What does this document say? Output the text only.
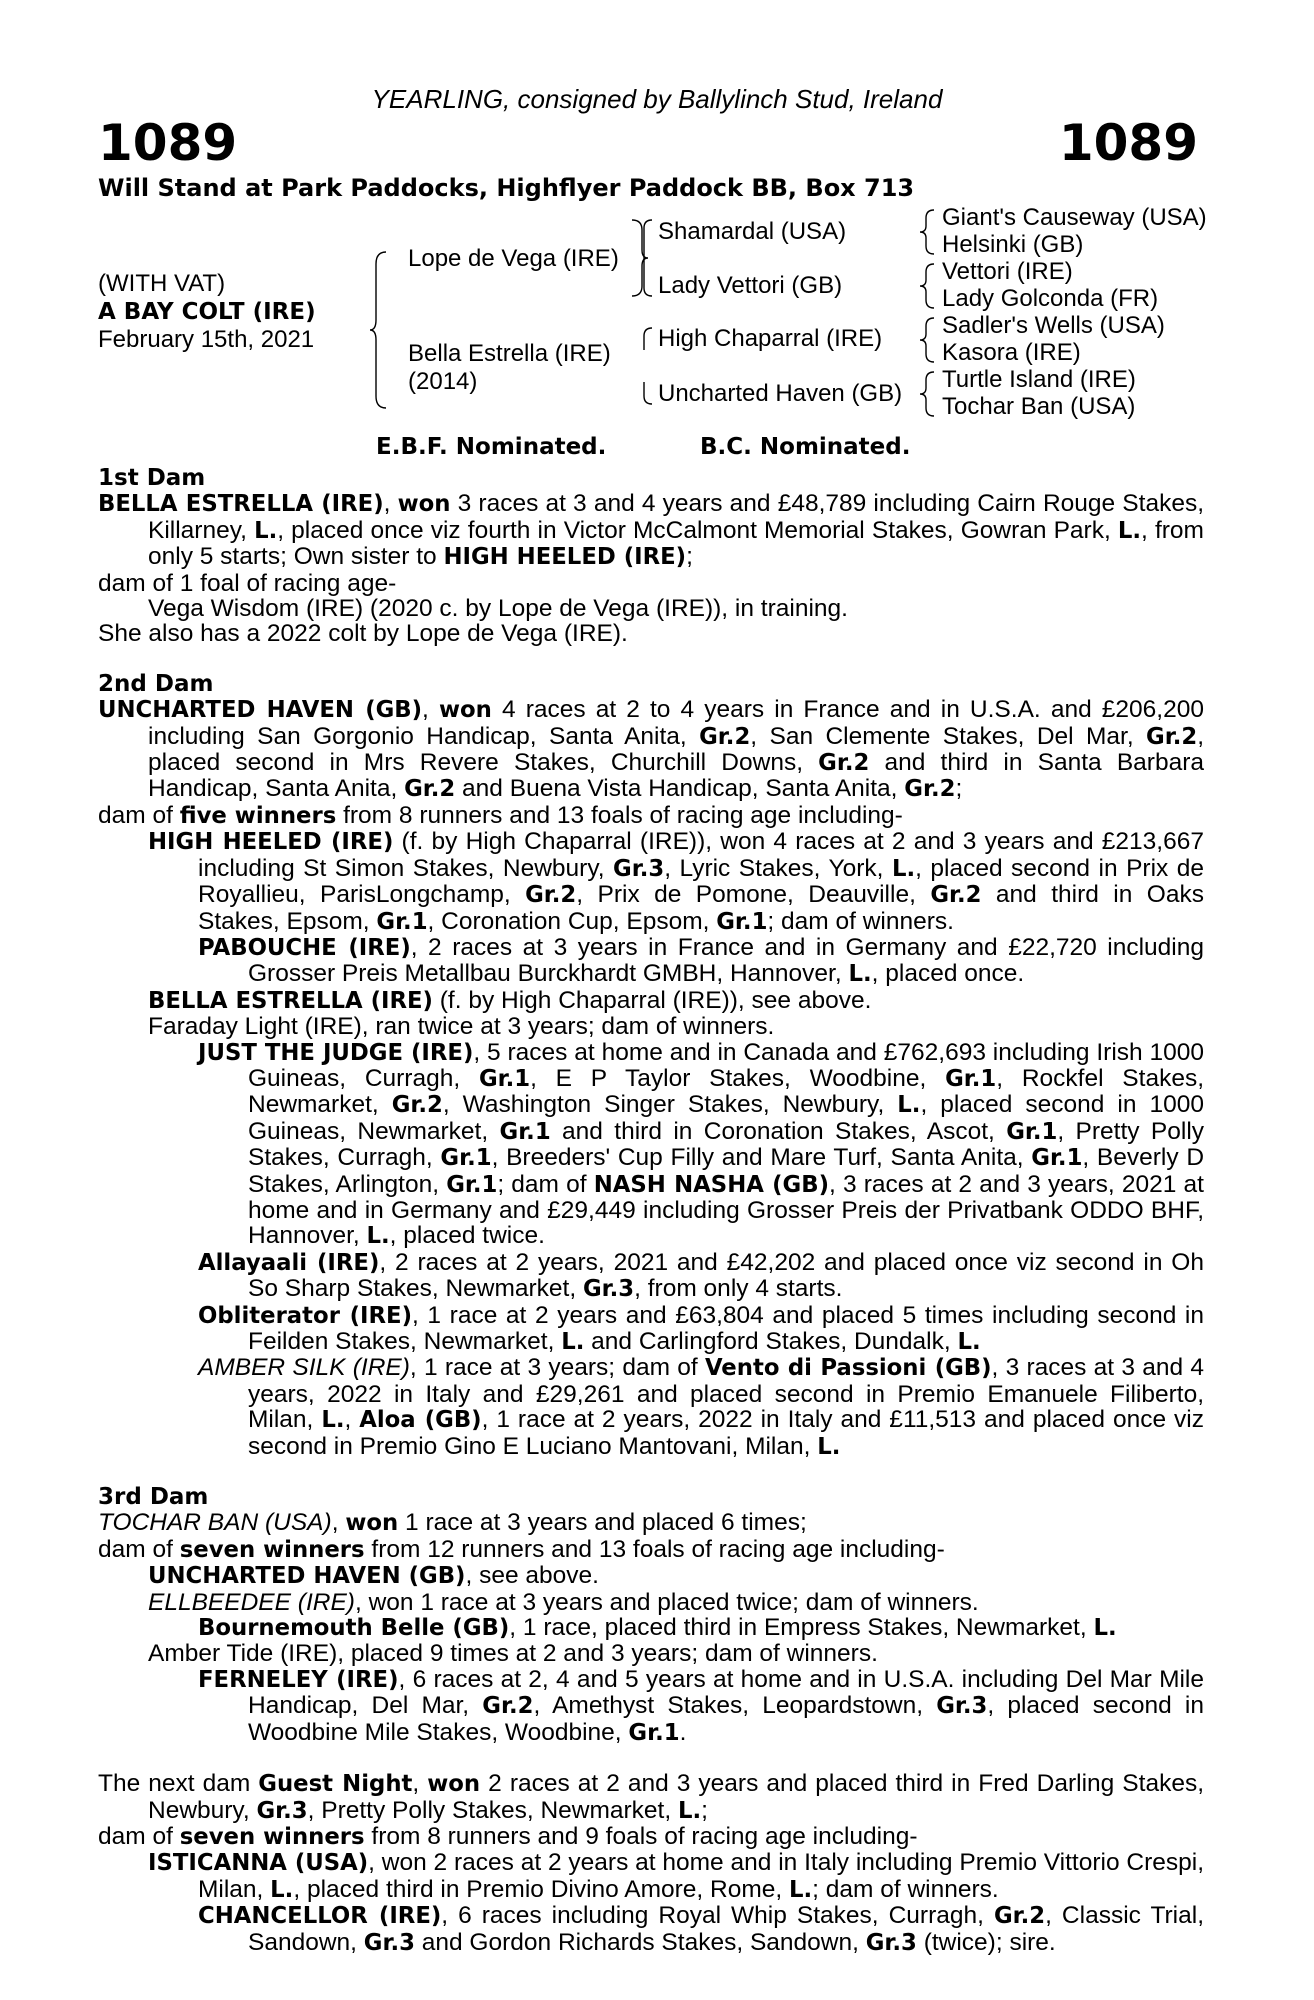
YEARLING, consigned by Ballylinch Stud, Ireland
1089	1089
Will Stand at Park Paddocks, Highflyer Paddock BB, Box 713
(WITH VAT)
A BAY COLT (IRE)
February 15th, 2021
Lope de Vega (IRE)
Bella Estrella (IRE)
(2014)
Shamardal (USA)
Lady Vettori (GB)
High Chaparral (IRE)
Uncharted Haven (GB)
Giant's Causeway (USA)
Helsinki (GB)
Vettori (IRE)
Lady Golconda (FR)
Sadler's Wells (USA)
Kasora (IRE)
Turtle Island (IRE)
Tochar Ban (USA)
E.B.F. Nominated.	B.C. Nominated.
1st Dam
BELLA ESTRELLA (IRE), won 3 races at 3 and 4 years and £48,789 including Cairn Rouge Stakes, Killarney, L., placed once viz fourth in Victor McCalmont Memorial Stakes, Gowran Park, L., from only 5 starts; Own sister to HIGH HEELED (IRE);
dam of 1 foal of racing age-
Vega Wisdom (IRE) (2020 c. by Lope de Vega (IRE)), in training.
She also has a 2022 colt by Lope de Vega (IRE).
2nd Dam
UNCHARTED HAVEN (GB), won 4 races at 2 to 4 years in France and in U.S.A. and £206,200 including San Gorgonio Handicap, Santa Anita, Gr.2, San Clemente Stakes, Del Mar, Gr.2, placed second in Mrs Revere Stakes, Churchill Downs, Gr.2 and third in Santa Barbara Handicap, Santa Anita, Gr.2 and Buena Vista Handicap, Santa Anita, Gr.2;
dam of five winners from 8 runners and 13 foals of racing age including-
HIGH HEELED (IRE) (f. by High Chaparral (IRE)), won 4 races at 2 and 3 years and £213,667 including St Simon Stakes, Newbury, Gr.3, Lyric Stakes, York, L., placed second in Prix de Royallieu, ParisLongchamp, Gr.2, Prix de Pomone, Deauville, Gr.2 and third in Oaks Stakes, Epsom, Gr.1, Coronation Cup, Epsom, Gr.1; dam of winners.
PABOUCHE (IRE), 2 races at 3 years in France and in Germany and £22,720 including Grosser Preis Metallbau Burckhardt GMBH, Hannover, L., placed once.
BELLA ESTRELLA (IRE) (f. by High Chaparral (IRE)), see above.
Faraday Light (IRE), ran twice at 3 years; dam of winners.
JUST THE JUDGE (IRE), 5 races at home and in Canada and £762,693 including Irish 1000 Guineas, Curragh, Gr.1, E P Taylor Stakes, Woodbine, Gr.1, Rockfel Stakes, Newmarket, Gr.2, Washington Singer Stakes, Newbury, L., placed second in 1000 Guineas, Newmarket, Gr.1 and third in Coronation Stakes, Ascot, Gr.1, Pretty Polly Stakes, Curragh, Gr.1, Breeders' Cup Filly and Mare Turf, Santa Anita, Gr.1, Beverly D Stakes, Arlington, Gr.1; dam of NASH NASHA (GB), 3 races at 2 and 3 years, 2021 at home and in Germany and £29,449 including Grosser Preis der Privatbank ODDO BHF, Hannover, L., placed twice.
Allayaali (IRE), 2 races at 2 years, 2021 and £42,202 and placed once viz second in Oh So Sharp Stakes, Newmarket, Gr.3, from only 4 starts.
Obliterator (IRE), 1 race at 2 years and £63,804 and placed 5 times including second in Feilden Stakes, Newmarket, L. and Carlingford Stakes, Dundalk, L.
AMBER SILK (IRE), 1 race at 3 years; dam of Vento di Passioni (GB), 3 races at 3 and 4 years, 2022 in Italy and £29,261 and placed second in Premio Emanuele Filiberto, Milan, L., Aloa (GB), 1 race at 2 years, 2022 in Italy and £11,513 and placed once viz second in Premio Gino E Luciano Mantovani, Milan, L.
3rd Dam
TOCHAR BAN (USA), won 1 race at 3 years and placed 6 times;
dam of seven winners from 12 runners and 13 foals of racing age including-
UNCHARTED HAVEN (GB), see above.
ELLBEEDEE (IRE), won 1 race at 3 years and placed twice; dam of winners.
Bournemouth Belle (GB), 1 race, placed third in Empress Stakes, Newmarket, L.
Amber Tide (IRE), placed 9 times at 2 and 3 years; dam of winners.
FERNELEY (IRE), 6 races at 2, 4 and 5 years at home and in U.S.A. including Del Mar Mile Handicap, Del Mar, Gr.2, Amethyst Stakes, Leopardstown, Gr.3, placed second in Woodbine Mile Stakes, Woodbine, Gr.1.
The next dam Guest Night, won 2 races at 2 and 3 years and placed third in Fred Darling Stakes, Newbury, Gr.3, Pretty Polly Stakes, Newmarket, L.;
dam of seven winners from 8 runners and 9 foals of racing age including-
ISTICANNA (USA), won 2 races at 2 years at home and in Italy including Premio Vittorio Crespi, Milan, L., placed third in Premio Divino Amore, Rome, L.; dam of winners.
CHANCELLOR (IRE), 6 races including Royal Whip Stakes, Curragh, Gr.2, Classic Trial, Sandown, Gr.3 and Gordon Richards Stakes, Sandown, Gr.3 (twice); sire.
